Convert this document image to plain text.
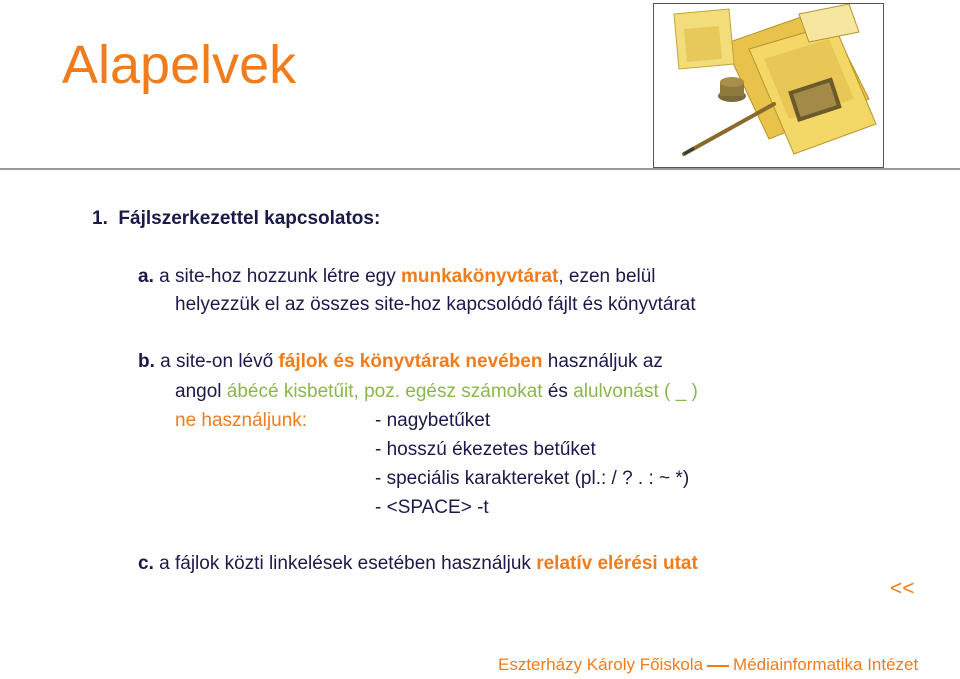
Alapelvek
1. Fájlszerkezettel kapcsolatos:
a. a site-hoz hozzunk létre egy munkakönyvtárat, ezen belül
helyezzük el az összes site-hoz kapcsolódó fájlt és könyvtárat
b. a site-on lévő fájlok és könyvtárak nevében használjuk az
angol ábécé kisbetűit, poz. egész számokat és alulvonást ( _ )
ne használjunk:	- nagybetűket
- hosszú ékezetes betűket
- speciális karaktereket (pl.: / ? . : ~ *)
- <SPACE> -t
c. a fájlok közti linkelések esetében használjuk relatív elérési utat
<<
Eszterházy Károly Főiskola Médiainformatika Intézet
